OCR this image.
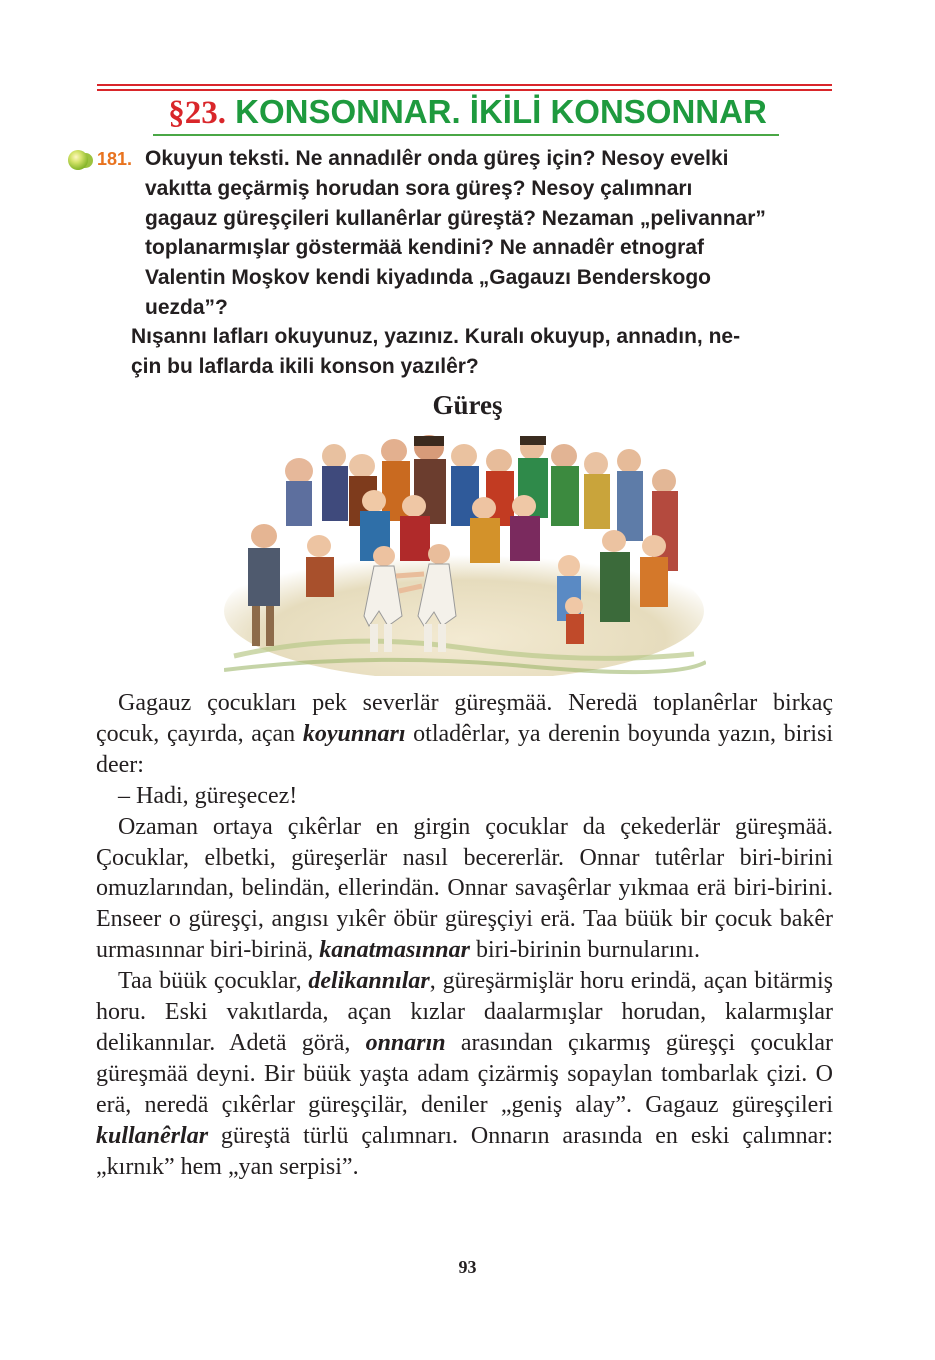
§23. KONSONNAR. İKİLİ KONSONNAR
181. Okuyun teksti. Ne annadılêr onda güreş için? Nesoy evelki
vakıtta geçärmiş horudan sora güreş? Nesoy çalımnarı
gagauz güreşçileri kullanêrlar güreştä? Nezaman „pelivannar”
toplanarmışlar göstermää kendini? Ne annadêr etnograf
Valentin Moşkov kendi kiyadında „Gagauzı Benderskogo
uezda”?
Nışannı lafları okuyunuz, yazınız. Kuralı okuyup, annadın, ne-
çin bu laflarda ikili konson yazılêr?
Güreş

Gagauz çocukları pek severlär güreşmää. Neredä toplanêrlar birkaç çocuk, çayırda, açan koyunnarı otladêrlar, ya derenin boyunda yazın, birisi deer:

– Hadi, güreşecez!

Ozaman ortaya çıkêrlar en girgin çocuklar da çekederlär güreşmää. Çocuklar, elbetki, güreşerlär nasıl becererlär. Onnar tutêrlar biri-birini omuzlarından, belindän, ellerindän. Onnar savaşêrlar yıkmaa erä biri-birini. Enseer o güreşçi, angısı yıkêr öbür güreşçiyi erä. Taa büük bir çocuk bakêr urmasınnar biri-birinä, kanatmasınnar biri-birinin burnularını.

Taa büük çocuklar, delikannılar, güreşärmişlär horu erindä, açan bitärmiş horu. Eski vakıtlarda, açan kızlar daalarmışlar horudan, kalarmışlar delikannılar. Adetä görä, onnarın arasından çıkarmış güreşçi çocuklar güreşmää deyni. Bir büük yaşta adam çizärmiş sopaylan tombarlak çizi. O erä, neredä çıkêrlar güreşçilär, deniler „geniş alay”. Gagauz güreşçileri kullanêrlar güreştä türlü çalımnarı. Onnarın arasında en eski çalımnar: „kırnık” hem „yan serpisi”.

93
